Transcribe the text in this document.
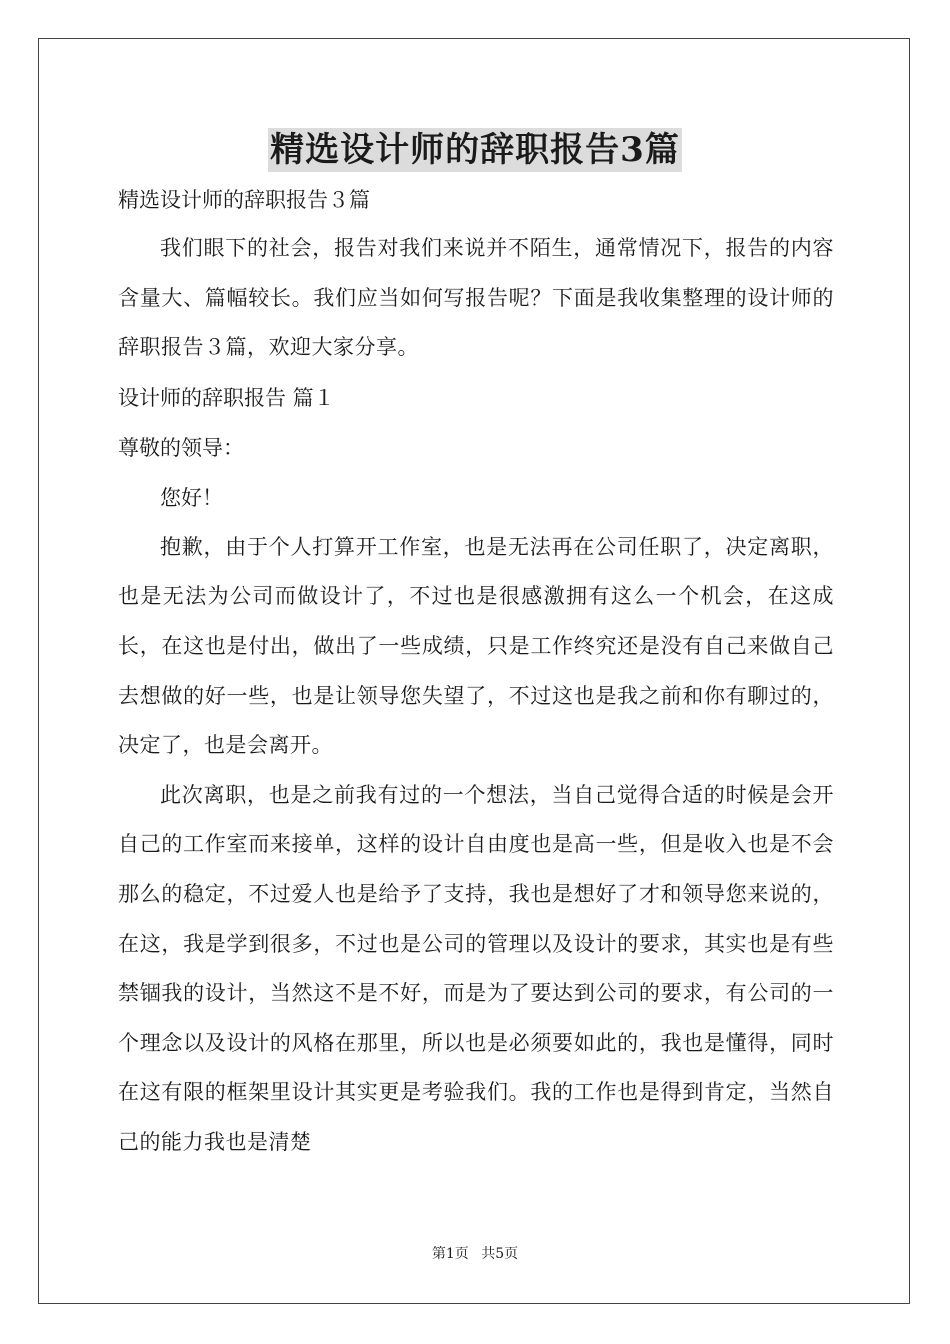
精选设计师的辞职报告3篇

精选设计师的辞职报告３篇

我们眼下的社会，报告对我们来说并不陌生，通常情况下，报告的内容含量大、篇幅较长。我们应当如何写报告呢？下面是我收集整理的设计师的辞职报告３篇，欢迎大家分享。

设计师的辞职报告 篇１

尊敬的领导：

您好！

抱歉，由于个人打算开工作室，也是无法再在公司任职了，决定离职，也是无法为公司而做设计了，不过也是很感激拥有这么一个机会，在这成长，在这也是付出，做出了一些成绩，只是工作终究还是没有自己来做自己去想做的好一些，也是让领导您失望了，不过这也是我之前和你有聊过的，决定了，也是会离开。

此次离职，也是之前我有过的一个想法，当自己觉得合适的时候是会开自己的工作室而来接单，这样的设计自由度也是高一些，但是收入也是不会那么的稳定，不过爱人也是给予了支持，我也是想好了才和领导您来说的，在这，我是学到很多，不过也是公司的管理以及设计的要求，其实也是有些禁锢我的设计，当然这不是不好，而是为了要达到公司的要求，有公司的一个理念以及设计的风格在那里，所以也是必须要如此的，我也是懂得，同时在这有限的框架里设计其实更是考验我们。我的工作也是得到肯定，当然自己的能力我也是清楚

第1页 共5页
